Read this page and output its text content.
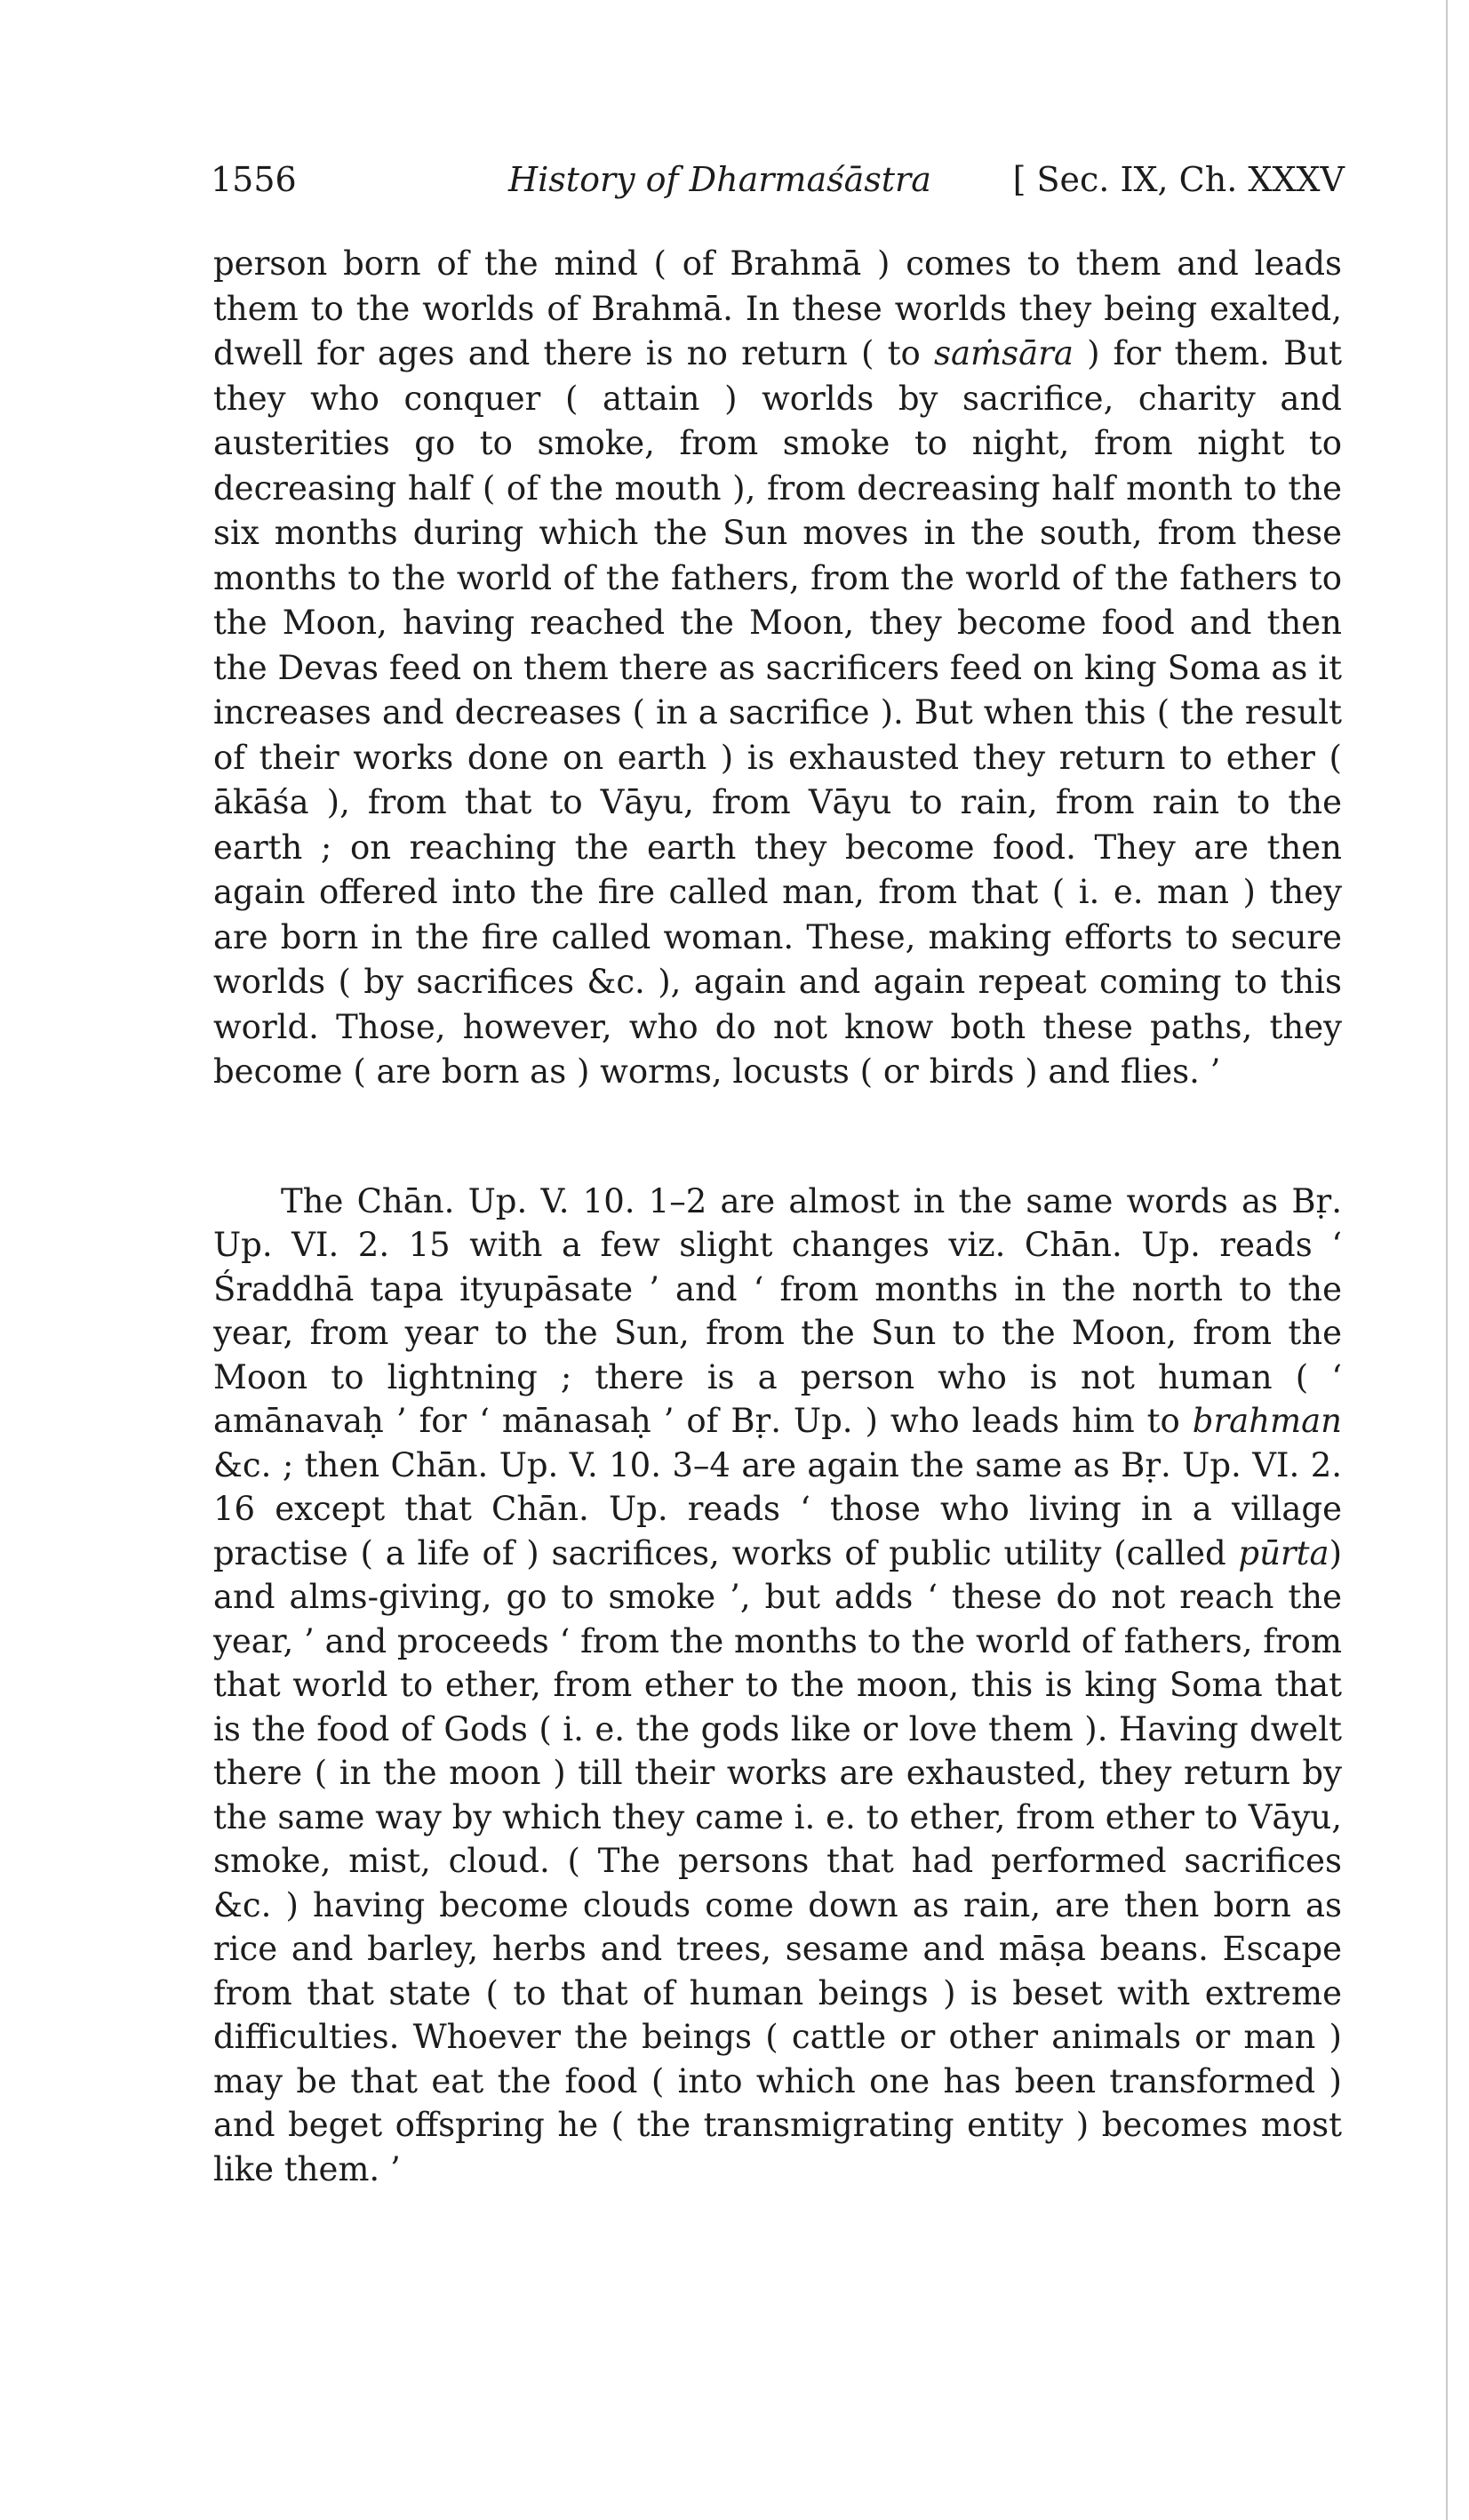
1556	History of Dharmaśāstra [ Sec. IX, Ch. XXXV

person born of the mind ( of Brahmā ) comes to them and leads them to the worlds of Brahmā. In these worlds they being exalted, dwell for ages and there is no return ( to saṁsāra ) for them. But they who conquer ( attain ) worlds by sacrifice, charity and austerities go to smoke, from smoke to night, from night to decreasing half ( of the mouth ), from decreasing half month to the six months during which the Sun moves in the south, from these months to the world of the fathers, from the world of the fathers to the Moon, having reached the Moon, they become food and then the Devas feed on them there as sacrificers feed on king Soma as it increases and decreases ( in a sacrifice ). But when this ( the result of their works done on earth ) is exhausted they return to ether ( ākāśa ), from that to Vāyu, from Vāyu to rain, from rain to the earth ; on reaching the earth they become food. They are then again offered into the fire called man, from that ( i. e. man ) they are born in the fire called woman. These, making efforts to secure worlds ( by sacrifices &c. ), again and again repeat coming to this world. Those, however, who do not know both these paths, they become ( are born as ) worms, locusts ( or birds ) and flies. ’

The Chān. Up. V. 10. 1–2 are almost in the same words as Bṛ. Up. VI. 2. 15 with a few slight changes viz. Chān. Up. reads ‘ Śraddhā tapa ityupāsate ’ and ‘ from months in the north to the year, from year to the Sun, from the Sun to the Moon, from the Moon to lightning ; there is a person who is not human ( ‘ amānavaḥ ’ for ‘ mānasaḥ ’ of Bṛ. Up. ) who leads him to brahman &c. ; then Chān. Up. V. 10. 3–4 are again the same as Bṛ. Up. VI. 2. 16 except that Chān. Up. reads ‘ those who living in a village practise ( a life of ) sacrifices, works of public utility (called pūrta) and alms-giving, go to smoke ’, but adds ‘ these do not reach the year, ’ and proceeds ‘ from the months to the world of fathers, from that world to ether, from ether to the moon, this is king Soma that is the food of Gods ( i. e. the gods like or love them ). Having dwelt there ( in the moon ) till their works are exhausted, they return by the same way by which they came i. e. to ether, from ether to Vāyu, smoke, mist, cloud. ( The persons that had performed sacrifices &c. ) having become clouds come down as rain, are then born as rice and barley, herbs and trees, sesame and māṣa beans. Escape from that state ( to that of human beings ) is beset with extreme difficulties. Whoever the beings ( cattle or other animals or man ) may be that eat the food ( into which one has been transformed ) and beget offspring he ( the transmigrating entity ) becomes most like them. ’
